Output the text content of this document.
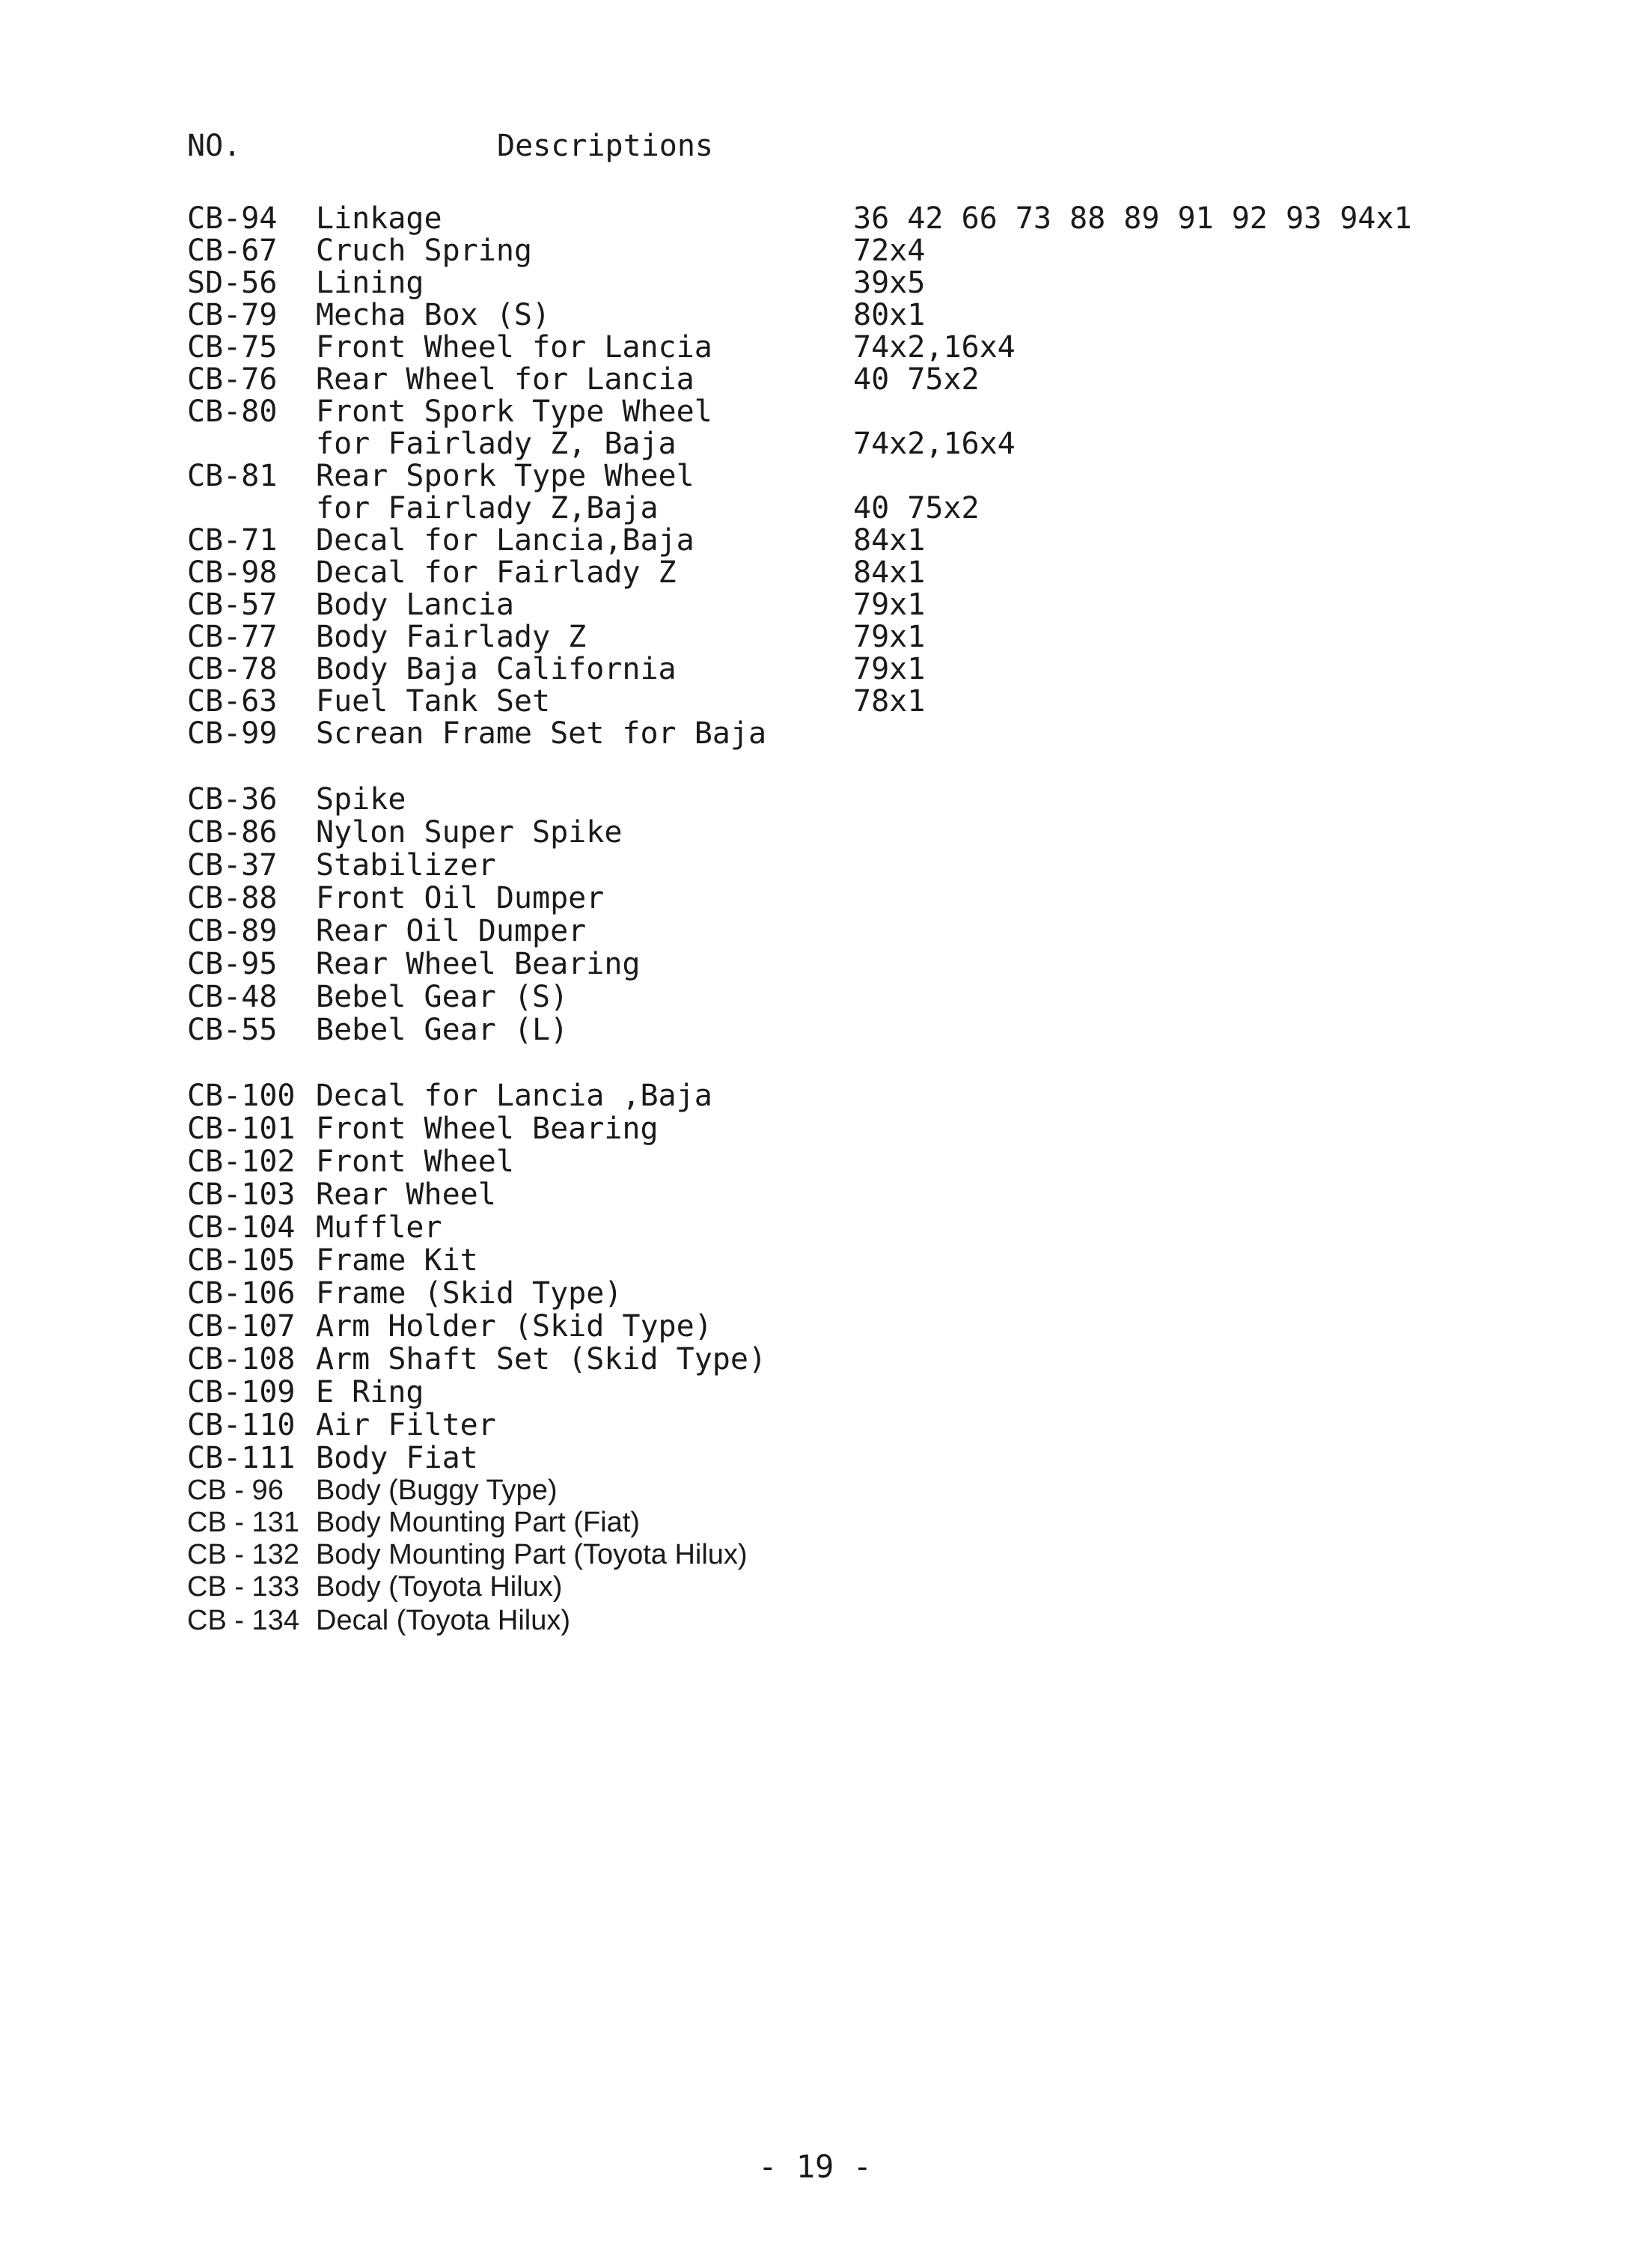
NO.	Descriptions
CB-94 Linkage	36 42 66 73 88 89 91 92 93 94x1
CB-67 Cruch Spring	72x4
SD-56 Lining	39x5
CB-79 Mecha Box (S)	80x1
CB-75 Front Wheel for Lancia	74x2,16x4
CB-76 Rear Wheel for Lancia	40 75x2
CB-80 Front Spork Type Wheel
for Fairlady Z, Baja	74x2,16x4
CB-81 Rear Spork Type Wheel
for Fairlady Z,Baja	40 75x2
CB-71 Decal for Lancia,Baja	84x1
CB-98 Decal for Fairlady Z	84x1
CB-57 Body Lancia	79x1
CB-77 Body Fairlady Z	79x1
CB-78 Body Baja California	79x1
CB-63 Fuel Tank Set	78x1
CB-99 Screan Frame Set for Baja
CB-36 Spike
CB-86 Nylon Super Spike
CB-37 Stabilizer
CB-88 Front Oil Dumper
CB-89 Rear Oil Dumper
CB-95 Rear Wheel Bearing
CB-48 Bebel Gear (S)
CB-55 Bebel Gear (L)
CB-100 Decal for Lancia ,Baja
CB-101 Front Wheel Bearing
CB-102 Front Wheel
CB-103 Rear Wheel
CB-104 Muffler
CB-105 Frame Kit
CB-106 Frame (Skid Type)
CB-107 Arm Holder (Skid Type)
CB-108 Arm Shaft Set (Skid Type)
CB-109 E Ring
CB-110 Air Filter
CB-111 Body Fiat
CB - 96 Body (Buggy Type)
CB - 131 Body Mounting Part (Fiat)
CB - 132 Body Mounting Part (Toyota Hilux)
CB - 133 Body (Toyota Hilux)
CB - 134 Decal (Toyota Hilux)
- 19 -
